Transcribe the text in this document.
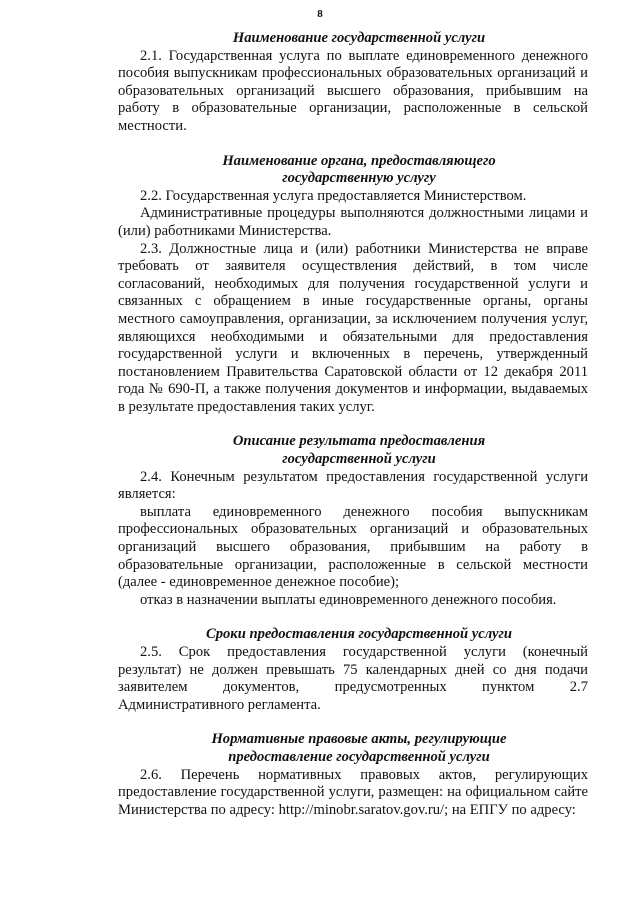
8
Наименование государственной услуги

2.1. Государственная услуга по выплате единовременного денежного пособия выпускникам профессиональных образовательных организаций и образовательных организаций высшего образования, прибывшим на работу в образовательные организации, расположенные в сельской местности.

Наименование органа, предоставляющего
государственную услугу

2.2. Государственная услуга предоставляется Министерством.

Административные процедуры выполняются должностными лицами и (или) работниками Министерства.

2.3. Должностные лица и (или) работники Министерства не вправе требовать от заявителя осуществления действий, в том числе согласований, необходимых для получения государственной услуги и связанных с обращением в иные государственные органы, органы местного самоуправления, организации, за исключением получения услуг, являющихся необходимыми и обязательными для предоставления государственной услуги и включенных в перечень, утвержденный постановлением Правительства Саратовской области от 12 декабря 2011 года № 690-П, а также получения документов и информации, выдаваемых в результате предоставления таких услуг.

Описание результата предоставления
государственной услуги

2.4. Конечным результатом предоставления государственной услуги является:

выплата единовременного денежного пособия выпускникам профессиональных образовательных организаций и образовательных организаций высшего образования, прибывшим на работу в образовательные организации, расположенные в сельской местности (далее - единовременное денежное пособие);

отказ в назначении выплаты единовременного денежного пособия.

Сроки предоставления государственной услуги

2.5. Срок предоставления государственной услуги (конечный результат) не должен превышать 75 календарных дней со дня подачи заявителем документов, предусмотренных пунктом 2.7 Административного регламента.

Нормативные правовые акты, регулирующие
предоставление государственной услуги

2.6. Перечень нормативных правовых актов, регулирующих предоставление государственной услуги, размещен: на официальном сайте Министерства по адресу: http://minobr.saratov.gov.ru/; на ЕПГУ по адресу:
